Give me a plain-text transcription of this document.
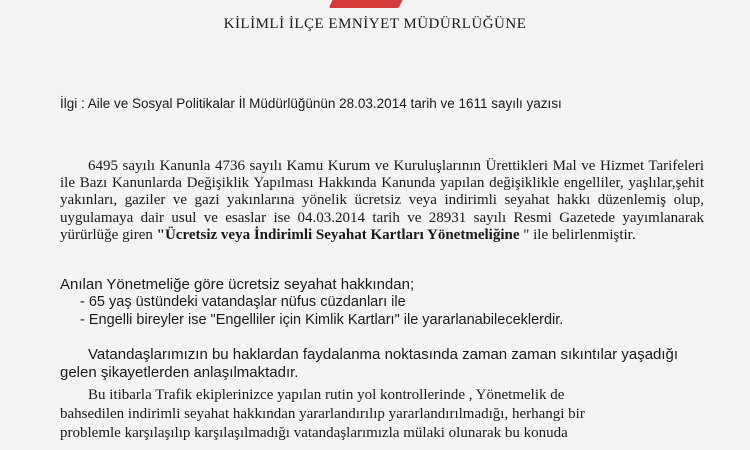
KİLİMLİ İLÇE EMNİYET MÜDÜRLÜĞÜNE
İlgi : Aile ve Sosyal Politikalar İl Müdürlüğünün 28.03.2014 tarih ve 1611 sayılı yazısı
6495 sayılı Kanunla 4736 sayılı Kamu Kurum ve Kuruluşlarının Ürettikleri Mal ve Hizmet Tarifeleri ile Bazı Kanunlarda Değişiklik Yapılması Hakkında Kanunda yapılan değişiklikle engelliler, yaşlılar,şehit yakınları, gaziler ve gazi yakınlarına yönelik ücretsiz veya indirimli seyahat hakkı düzenlemiş olup, uygulamaya dair usul ve esaslar ise 04.03.2014 tarih ve 28931 sayılı Resmi Gazetede yayımlanarak yürürlüğe giren "Ücretsiz veya İndirimli Seyahat Kartları Yönetmeliğine " ile belirlenmiştir.
Anılan Yönetmeliğe göre ücretsiz seyahat hakkından;
- 65 yaş üstündeki vatandaşlar nüfus cüzdanları ile
- Engelli bireyler ise "Engelliler için Kimlik Kartları" ile yararlanabileceklerdir.
Vatandaşlarımızın bu haklardan faydalanma noktasında zaman zaman sıkıntılar yaşadığı
gelen şikayetlerden anlaşılmaktadır.
Bu itibarla Trafik ekiplerinizce yapılan rutin yol kontrollerinde , Yönetmelik de
bahsedilen indirimli seyahat hakkından yararlandırılıp yararlandırılmadığı, herhangi bir
problemle karşılaşılıp karşılaşılmadığı vatandaşlarımızla mülaki olunarak bu konuda
